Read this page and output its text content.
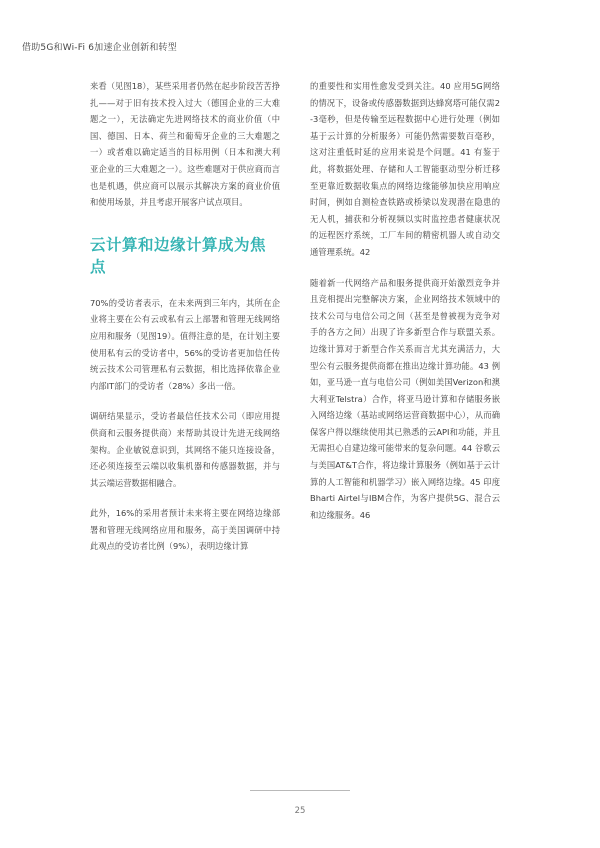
借助5G和Wi-Fi 6加速企业创新和转型

来看（见图18），某些采用者仍然在起步阶段苦苦挣扎——对于旧有技术投入过大（德国企业的三大难题之一），无法确定先进网络技术的商业价值（中国、德国、日本、荷兰和葡萄牙企业的三大难题之一）或者难以确定适当的目标用例（日本和澳大利亚企业的三大难题之一）。这些难题对于供应商而言也是机遇，供应商可以展示其解决方案的商业价值和使用场景，并且考虑开展客户试点项目。

云计算和边缘计算成为焦点

70%的受访者表示，在未来两到三年内，其所在企业将主要在公有云或私有云上部署和管理无线网络应用和服务（见图19）。值得注意的是，在计划主要使用私有云的受访者中，56%的受访者更加信任传统云技术公司管理私有云数据，相比选择依靠企业内部IT部门的受访者（28%）多出一倍。

调研结果显示，受访者最信任技术公司（即应用提供商和云服务提供商）来帮助其设计先进无线网络架构。企业敏锐意识到，其网络不能只连接设备，还必须连接至云端以收集机器和传感器数据，并与其云端运营数据相融合。

此外，16%的采用者预计未来将主要在网络边缘部署和管理无线网络应用和服务，高于美国调研中持此观点的受访者比例（9%），表明边缘计算

的重要性和实用性愈发受到关注。40 应用5G网络的情况下，设备或传感器数据到达蜂窝塔可能仅需2-3毫秒，但是传输至远程数据中心进行处理（例如基于云计算的分析服务）可能仍然需要数百毫秒，这对注重低时延的应用来说是个问题。41 有鉴于此，将数据处理、存储和人工智能驱动型分析迁移至更靠近数据收集点的网络边缘能够加快应用响应时间，例如自测检查铁路或桥梁以发现潜在隐患的无人机，捕获和分析视频以实时监控患者健康状况的远程医疗系统，工厂车间的精密机器人或自动交通管理系统。42

随着新一代网络产品和服务提供商开始激烈竞争并且竞相提出完整解决方案，企业网络技术领域中的技术公司与电信公司之间（甚至是曾被视为竞争对手的各方之间）出现了许多新型合作与联盟关系。边缘计算对于新型合作关系而言尤其充满活力，大型公有云服务提供商都在推出边缘计算功能。43 例如，亚马逊一直与电信公司（例如美国Verizon和澳大利亚Telstra）合作，将亚马逊计算和存储服务嵌入网络边缘（基站或网络运营商数据中心），从而确保客户得以继续使用其已熟悉的云API和功能，并且无需担心自建边缘可能带来的复杂问题。44 谷歌云与美国AT&T合作，将边缘计算服务（例如基于云计算的人工智能和机器学习）嵌入网络边缘。45 印度Bharti Airtel与IBM合作，为客户提供5G、混合云和边缘服务。46

25
